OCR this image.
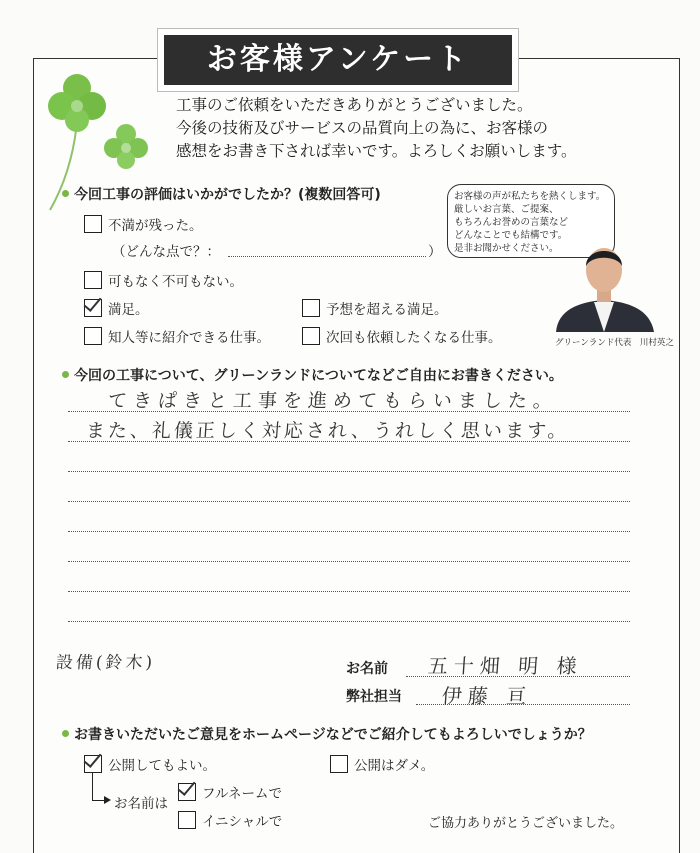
お客様アンケート
工事のご依頼をいただきありがとうございました。
今後の技術及びサービスの品質向上の為に、お客様の
感想をお書き下されば幸いです。よろしくお願いします。
今回工事の評価はいかがでしたか？(複数回答可)
不満が残った。
（どんな点で？：	）
可もなく不可もない。
満足。	予想を超える満足。
知人等に紹介できる仕事。	次回も依頼したくなる仕事。
お客様の声が私たちを熱くします。
厳しいお言葉、ご提案、
もちろんお誉めの言葉など
どんなことでも結構です。
是非お聞かせください。
グリーンランド代表　川村英之
今回の工事について、グリーンランドについてなどご自由にお書きください。
てきぱきと工事を進めてもらいました。
また、礼儀正しく対応され、うれしく思います。
設備(鈴木)	お名前 五十畑 明 様
弊社担当 伊藤 亘
お書きいただいたご意見をホームページなどでご紹介してもよろしいでしょうか？
公開してもよい。	公開はダメ。
お名前は
フルネームで
イニシャルで	ご協力ありがとうございました。
